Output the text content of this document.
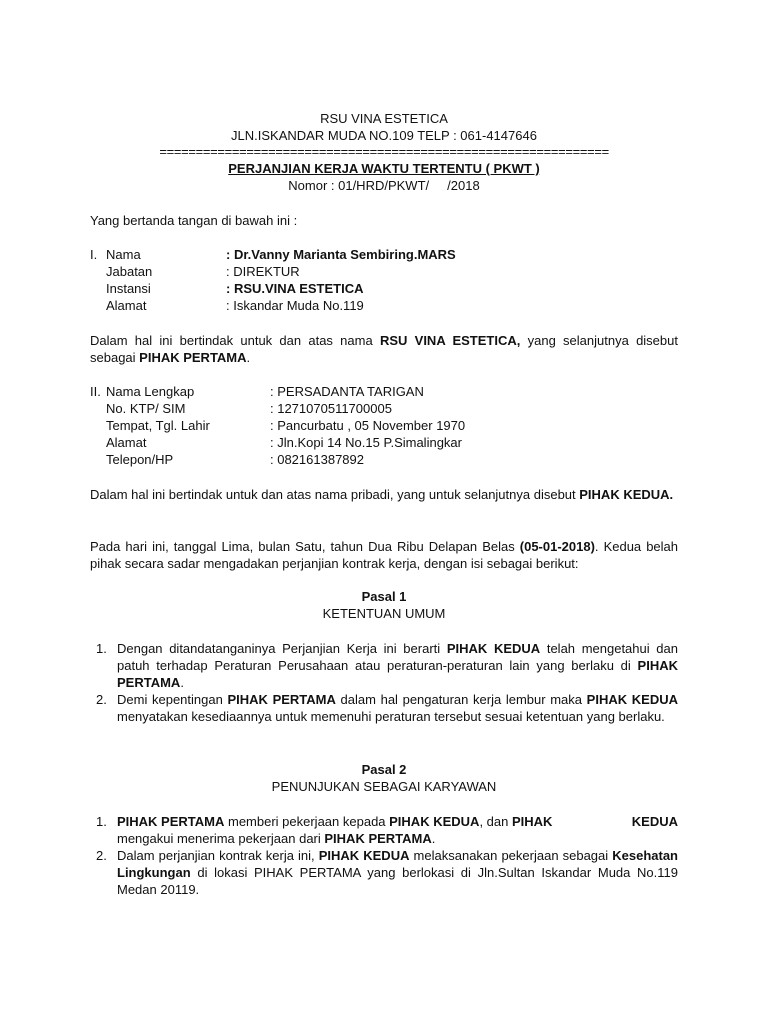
RSU VINA ESTETICA
JLN.ISKANDAR MUDA NO.109 TELP : 061-4147646
==============================================================
PERJANJIAN KERJA WAKTU TERTENTU ( PKWT )
Nomor : 01/HRD/PKWT/     /2018
Yang bertanda tangan di bawah ini :
I. Nama	: Dr.Vanny Marianta Sembiring.MARS
Jabatan	: DIREKTUR
Instansi	: RSU.VINA ESTETICA
Alamat	: Iskandar Muda No.119
Dalam hal ini bertindak untuk dan atas nama RSU VINA ESTETICA, yang selanjutnya disebut sebagai PIHAK PERTAMA.
II. Nama Lengkap	: PERSADANTA TARIGAN
No. KTP/ SIM	: 1271070511700005
Tempat, Tgl. Lahir	: Pancurbatu , 05 November 1970
Alamat	: Jln.Kopi 14 No.15 P.Simalingkar
Telepon/HP	: 082161387892
Dalam hal ini bertindak untuk dan atas nama pribadi, yang untuk selanjutnya disebut PIHAK KEDUA.
Pada hari ini, tanggal Lima, bulan Satu, tahun Dua Ribu Delapan Belas (05-01-2018). Kedua belah pihak secara sadar mengadakan perjanjian kontrak kerja, dengan isi sebagai berikut:
Pasal 1
KETENTUAN UMUM
1. Dengan ditandatanganinya Perjanjian Kerja ini berarti PIHAK KEDUA telah mengetahui dan patuh terhadap Peraturan Perusahaan atau peraturan-peraturan lain yang berlaku di PIHAK PERTAMA.
2. Demi kepentingan PIHAK PERTAMA dalam hal pengaturan kerja lembur maka PIHAK KEDUA menyatakan kesediaannya untuk memenuhi peraturan tersebut sesuai ketentuan yang berlaku.
Pasal 2
PENUNJUKAN SEBAGAI KARYAWAN
1. PIHAK PERTAMA memberi pekerjaan kepada PIHAK KEDUA, dan PIHAK	KEDUA
mengakui menerima pekerjaan dari PIHAK PERTAMA.
2. Dalam perjanjian kontrak kerja ini, PIHAK KEDUA melaksanakan pekerjaan sebagai Kesehatan Lingkungan di lokasi PIHAK PERTAMA yang berlokasi di Jln.Sultan Iskandar Muda No.119 Medan 20119.
